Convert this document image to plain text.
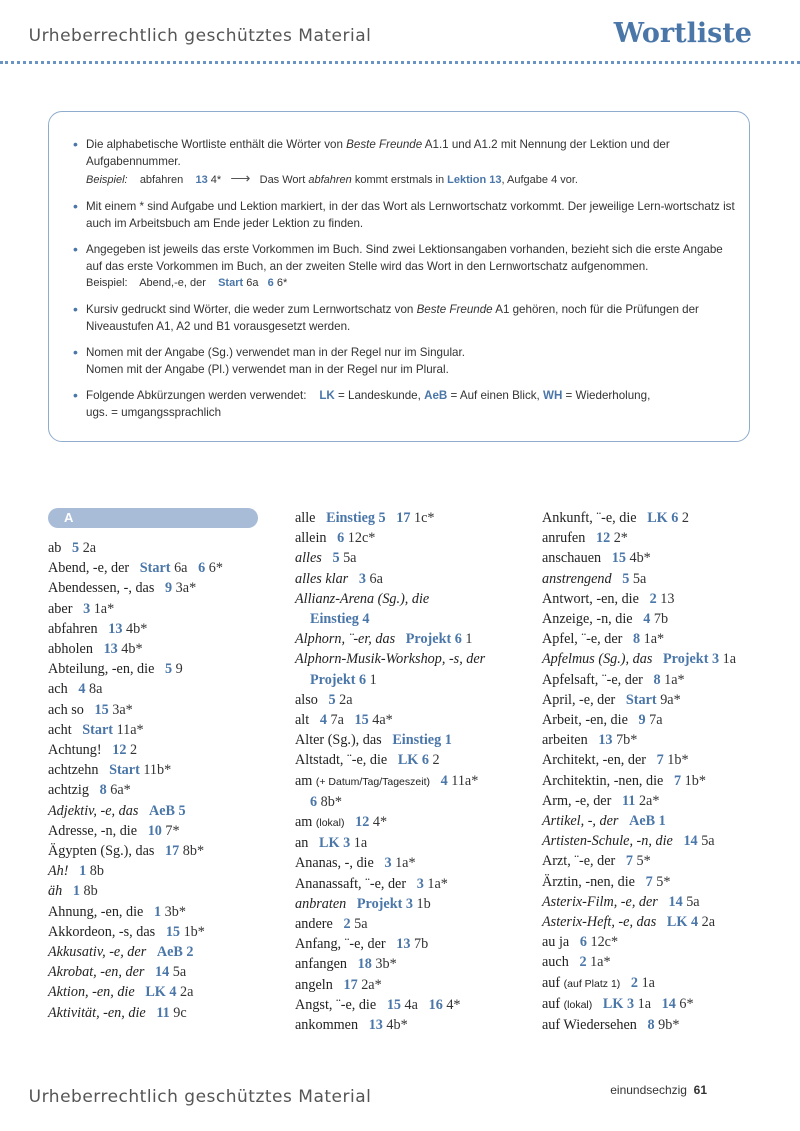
Urheberrechtlich geschütztes Material	Wortliste
• Die alphabetische Wortliste enthält die Wörter von Beste Freunde A1.1 und A1.2 mit Nennung der Lektion und der Aufgabennummer.
Beispiel: abfahren 13 4* ⟶ Das Wort abfahren kommt erstmals in Lektion 13, Aufgabe 4 vor.
• Mit einem * sind Aufgabe und Lektion markiert, in der das Wort als Lernwortschatz vorkommt. Der jeweilige Lern-wortschatz ist auch im Arbeitsbuch am Ende jeder Lektion zu finden.
• Angegeben ist jeweils das erste Vorkommen im Buch. Sind zwei Lektionsangaben vorhanden, bezieht sich die erste Angabe auf das erste Vorkommen im Buch, an der zweiten Stelle wird das Wort in den Lernwortschatz aufgenommen.
Beispiel: Abend,-e, der Start 6a 6 6*
• Kursiv gedruckt sind Wörter, die weder zum Lernwortschatz von Beste Freunde A1 gehören, noch für die Prüfungen der Niveaustufen A1, A2 und B1 vorausgesetzt werden.
• Nomen mit der Angabe (Sg.) verwendet man in der Regel nur im Singular.
Nomen mit der Angabe (Pl.) verwendet man in der Regel nur im Plural.
• Folgende Abkürzungen werden verwendet: LK = Landeskunde, AeB = Auf einen Blick, WH = Wiederholung,
ugs. = umgangssprachlich
A
ab 5 2a
Abend, -e, der Start 6a 6 6*
Abendessen, -, das 9 3a*
aber 3 1a*
abfahren 13 4b*
abholen 13 4b*
Abteilung, -en, die 5 9
ach 4 8a
ach so 15 3a*
acht Start 11a*
Achtung! 12 2
achtzehn Start 11b*
achtzig 8 6a*
Adjektiv, -e, das AeB 5
Adresse, -n, die 10 7*
Ägypten (Sg.), das 17 8b*
Ah! 1 8b
äh 1 8b
Ahnung, -en, die 1 3b*
Akkordeon, -s, das 15 1b*
Akkusativ, -e, der AeB 2
Akrobat, -en, der 14 5a
Aktion, -en, die LK 4 2a
Aktivität, -en, die 11 9c
alle Einstieg 5 17 1c*
allein 6 12c*
alles 5 5a
alles klar 3 6a
Allianz-Arena (Sg.), die
Einstieg 4
Alphorn, ¨-er, das Projekt 6 1
Alphorn-Musik-Workshop, -s, der
Projekt 6 1
also 5 2a
alt 4 7a 15 4a*
Alter (Sg.), das Einstieg 1
Altstadt, ¨-e, die LK 6 2
am (+ Datum/Tag/Tageszeit) 4 11a*
6 8b*
am (lokal) 12 4*
an LK 3 1a
Ananas, -, die 3 1a*
Ananassaft, ¨-e, der 3 1a*
anbraten Projekt 3 1b
andere 2 5a
Anfang, ¨-e, der 13 7b
anfangen 18 3b*
angeln 17 2a*
Angst, ¨-e, die 15 4a 16 4*
ankommen 13 4b*
Ankunft, ¨-e, die LK 6 2
anrufen 12 2*
anschauen 15 4b*
anstrengend 5 5a
Antwort, -en, die 2 13
Anzeige, -n, die 4 7b
Apfel, ¨-e, der 8 1a*
Apfelmus (Sg.), das Projekt 3 1a
Apfelsaft, ¨-e, der 8 1a*
April, -e, der Start 9a*
Arbeit, -en, die 9 7a
arbeiten 13 7b*
Architekt, -en, der 7 1b*
Architektin, -nen, die 7 1b*
Arm, -e, der 11 2a*
Artikel, -, der AeB 1
Artisten-Schule, -n, die 14 5a
Arzt, ¨-e, der 7 5*
Ärztin, -nen, die 7 5*
Asterix-Film, -e, der 14 5a
Asterix-Heft, -e, das LK 4 2a
au ja 6 12c*
auch 2 1a*
auf (auf Platz 1) 2 1a
auf (lokal) LK 3 1a 14 6*
auf Wiedersehen 8 9b*
Urheberrechtlich geschütztes Material	einundsechzig 61
